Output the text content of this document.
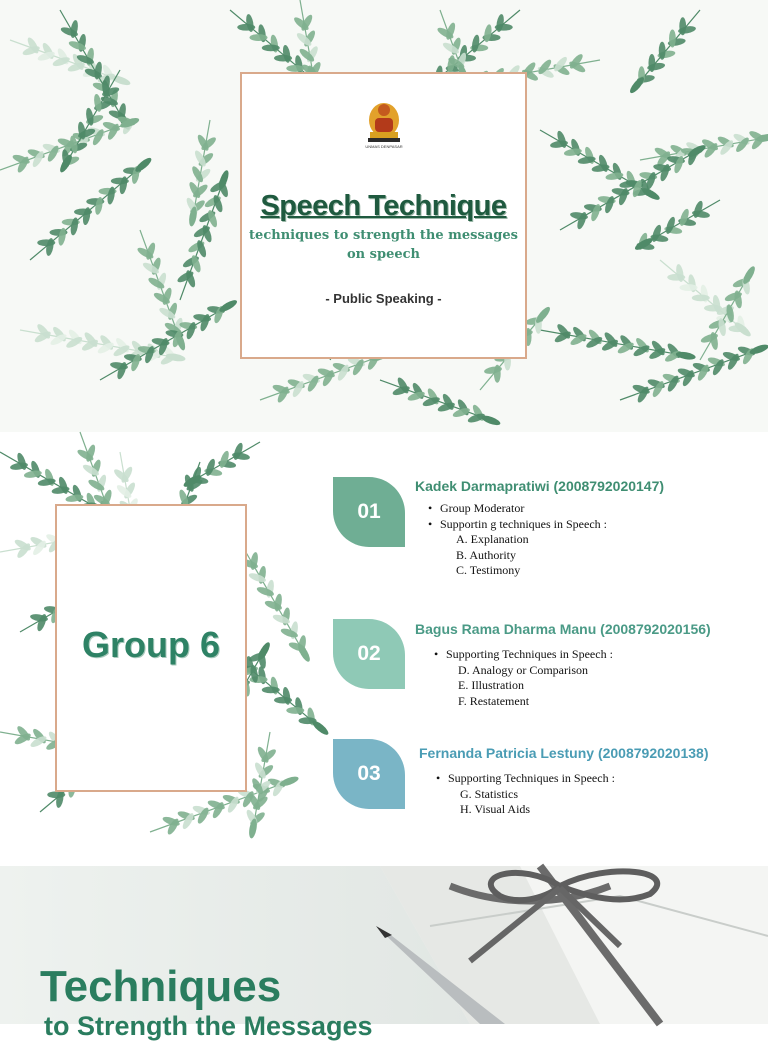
UNMAS DENPASAR
Speech Technique
techniques to strength the messages on speech
- Public Speaking -
Group 6
01
Kadek Darmapratiwi (2008792020147)
• Group Moderator
• Supportin g techniques in Speech :
A. Explanation
B. Authority
C. Testimony
02
Bagus Rama Dharma Manu (2008792020156)
• Supporting Techniques in Speech :
D. Analogy or Comparison
E. Illustration
F. Restatement
03
Fernanda Patricia Lestuny (2008792020138)
• Supporting Techniques in Speech :
G. Statistics
H. Visual Aids
Techniques
to Strength the Messages
